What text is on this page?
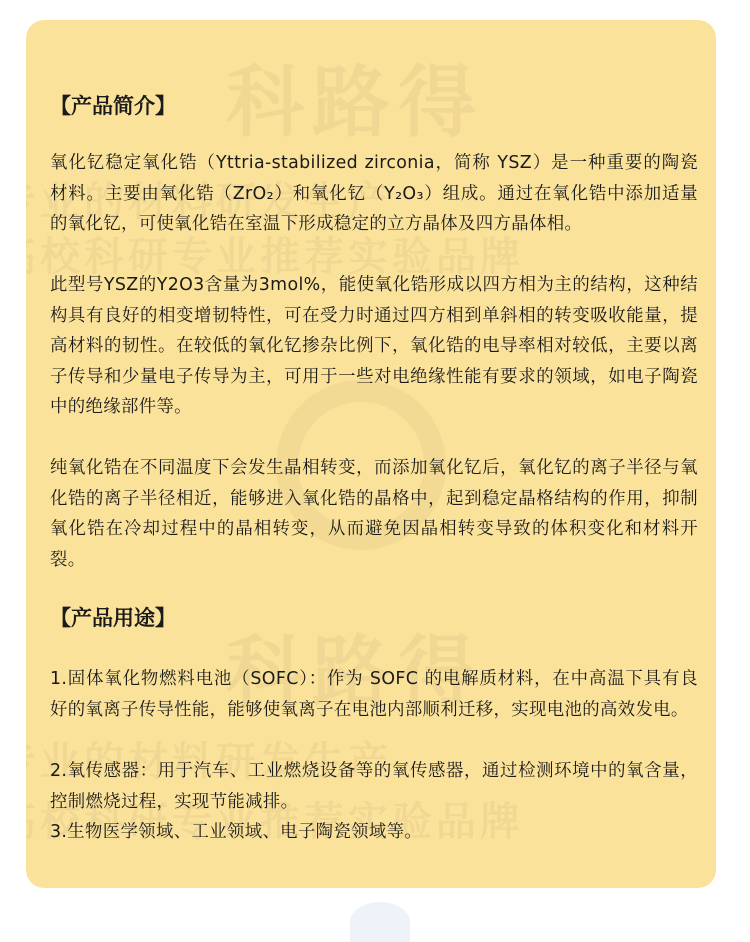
【产品简介】
氧化钇稳定氧化锆（Yttria-stabilized zirconia，简称 YSZ）是一种重要的陶瓷材料。主要由氧化锆（ZrO₂）和氧化钇（Y₂O₃）组成。通过在氧化锆中添加适量的氧化钇，可使氧化锆在室温下形成稳定的立方晶体及四方晶体相。
此型号YSZ的Y2O3含量为3mol%，能使氧化锆形成以四方相为主的结构，这种结构具有良好的相变增韧特性，可在受力时通过四方相到单斜相的转变吸收能量，提高材料的韧性。在较低的氧化钇掺杂比例下，氧化锆的电导率相对较低，主要以离子传导和少量电子传导为主，可用于一些对电绝缘性能有要求的领域，如电子陶瓷中的绝缘部件等。
纯氧化锆在不同温度下会发生晶相转变，而添加氧化钇后，氧化钇的离子半径与氧化锆的离子半径相近，能够进入氧化锆的晶格中，起到稳定晶格结构的作用，抑制氧化锆在冷却过程中的晶相转变，从而避免因晶相转变导致的体积变化和材料开裂。
【产品用途】
1.固体氧化物燃料电池（SOFC）：作为 SOFC 的电解质材料，在中高温下具有良好的氧离子传导性能，能够使氧离子在电池内部顺利迁移，实现电池的高效发电。
2.氧传感器：用于汽车、工业燃烧设备等的氧传感器，通过检测环境中的氧含量，控制燃烧过程，实现节能减排。
3.生物医学领域、工业领域、电子陶瓷领域等。
